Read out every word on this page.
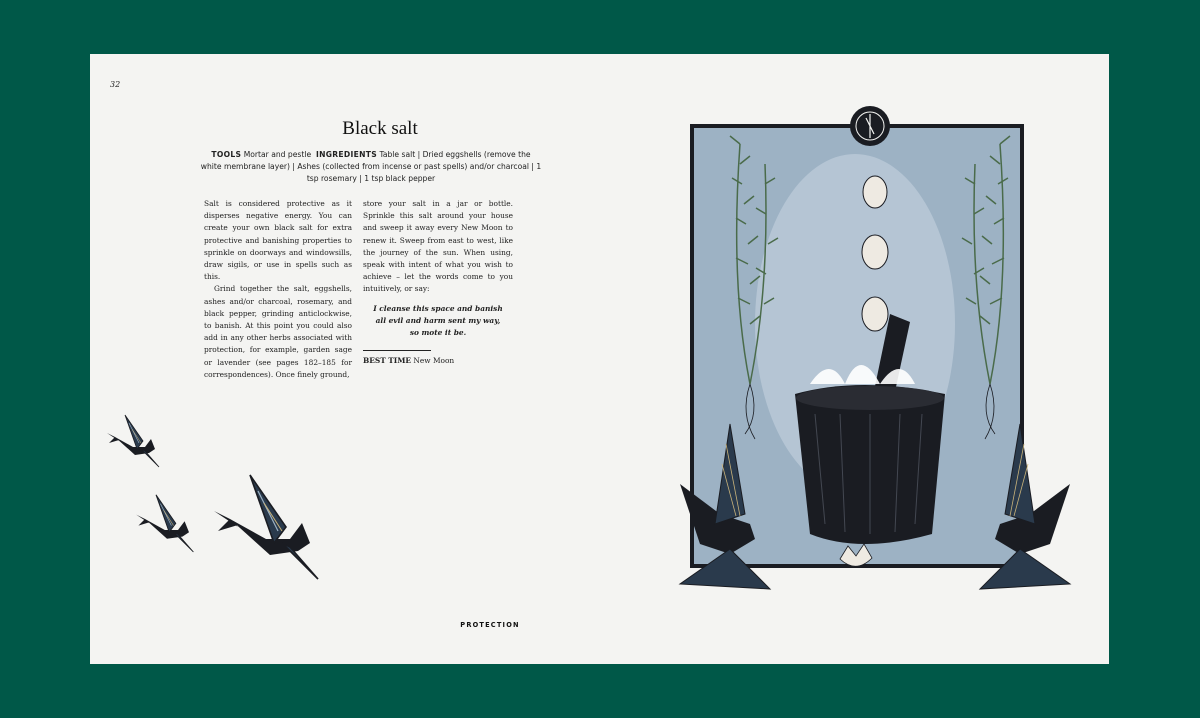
32
Black salt
TOOLS Mortar and pestle INGREDIENTS Table salt | Dried eggshells (remove the white membrane layer) | Ashes (collected from incense or past spells) and/or charcoal | 1 tsp rosemary | 1 tsp black pepper

Salt is considered protective as it disperses negative energy. You can create your own black salt for extra protective and banishing properties to sprinkle on doorways and windowsills, draw sigils, or use in spells such as this.

Grind together the salt, eggshells, ashes and/or charcoal, rosemary, and black pepper, grinding anticlockwise, to banish. At this point you could also add in any other herbs associated with protection, for example, garden sage or lavender (see pages 182–185 for correspondences). Once finely ground,

store your salt in a jar or bottle. Sprinkle this salt around your house and sweep it away every New Moon to renew it. Sweep from east to west, like the journey of the sun. When using, speak with intent of what you wish to achieve – let the words come to you intuitively, or say:

I cleanse this space and banish
all evil and harm sent my way,
so mote it be.
BEST TIME New Moon
PROTECTION
